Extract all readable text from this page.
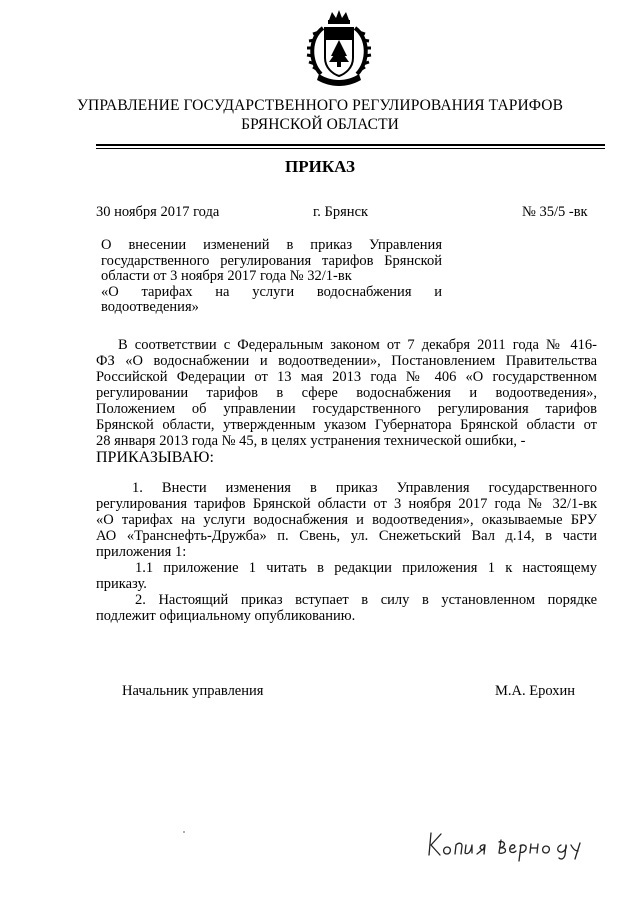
УПРАВЛЕНИЕ ГОСУДАРСТВЕННОГО РЕГУЛИРОВАНИЯ ТАРИФОВ
БРЯНСКОЙ ОБЛАСТИ
ПРИКАЗ
30 ноября 2017 года	г. Брянск	№ 35/5 -вк
О внесении изменений в приказ Управления
государственного регулирования тарифов Брянской
области от 3 ноября 2017 года № 32/1-вк
«О тарифах на услуги водоснабжения и
водоотведения»
В соответствии с Федеральным законом от 7 декабря 2011 года № 416-
ФЗ «О водоснабжении и водоотведении», Постановлением Правительства
Российской Федерации от 13 мая 2013 года № 406 «О государственном
регулировании тарифов в сфере водоснабжения и водоотведения»,
Положением об управлении государственного регулирования тарифов
Брянской области, утвержденным указом Губернатора Брянской области от
28 января 2013 года № 45, в целях устранения технической ошибки, -
ПРИКАЗЫВАЮ:
1. Внести изменения в приказ Управления государственного
регулирования тарифов Брянской области от 3 ноября 2017 года № 32/1-вк
«О тарифах на услуги водоснабжения и водоотведения», оказываемые БРУ
АО «Транснефть-Дружба» п. Свень, ул. Снежетьский Вал д.14, в части
приложения 1:
1.1 приложение 1 читать в редакции приложения 1 к настоящему
приказу.
2. Настоящий приказ вступает в силу в установленном порядке
подлежит официальному опубликованию.
Начальник управления	М.А. Ерохин
